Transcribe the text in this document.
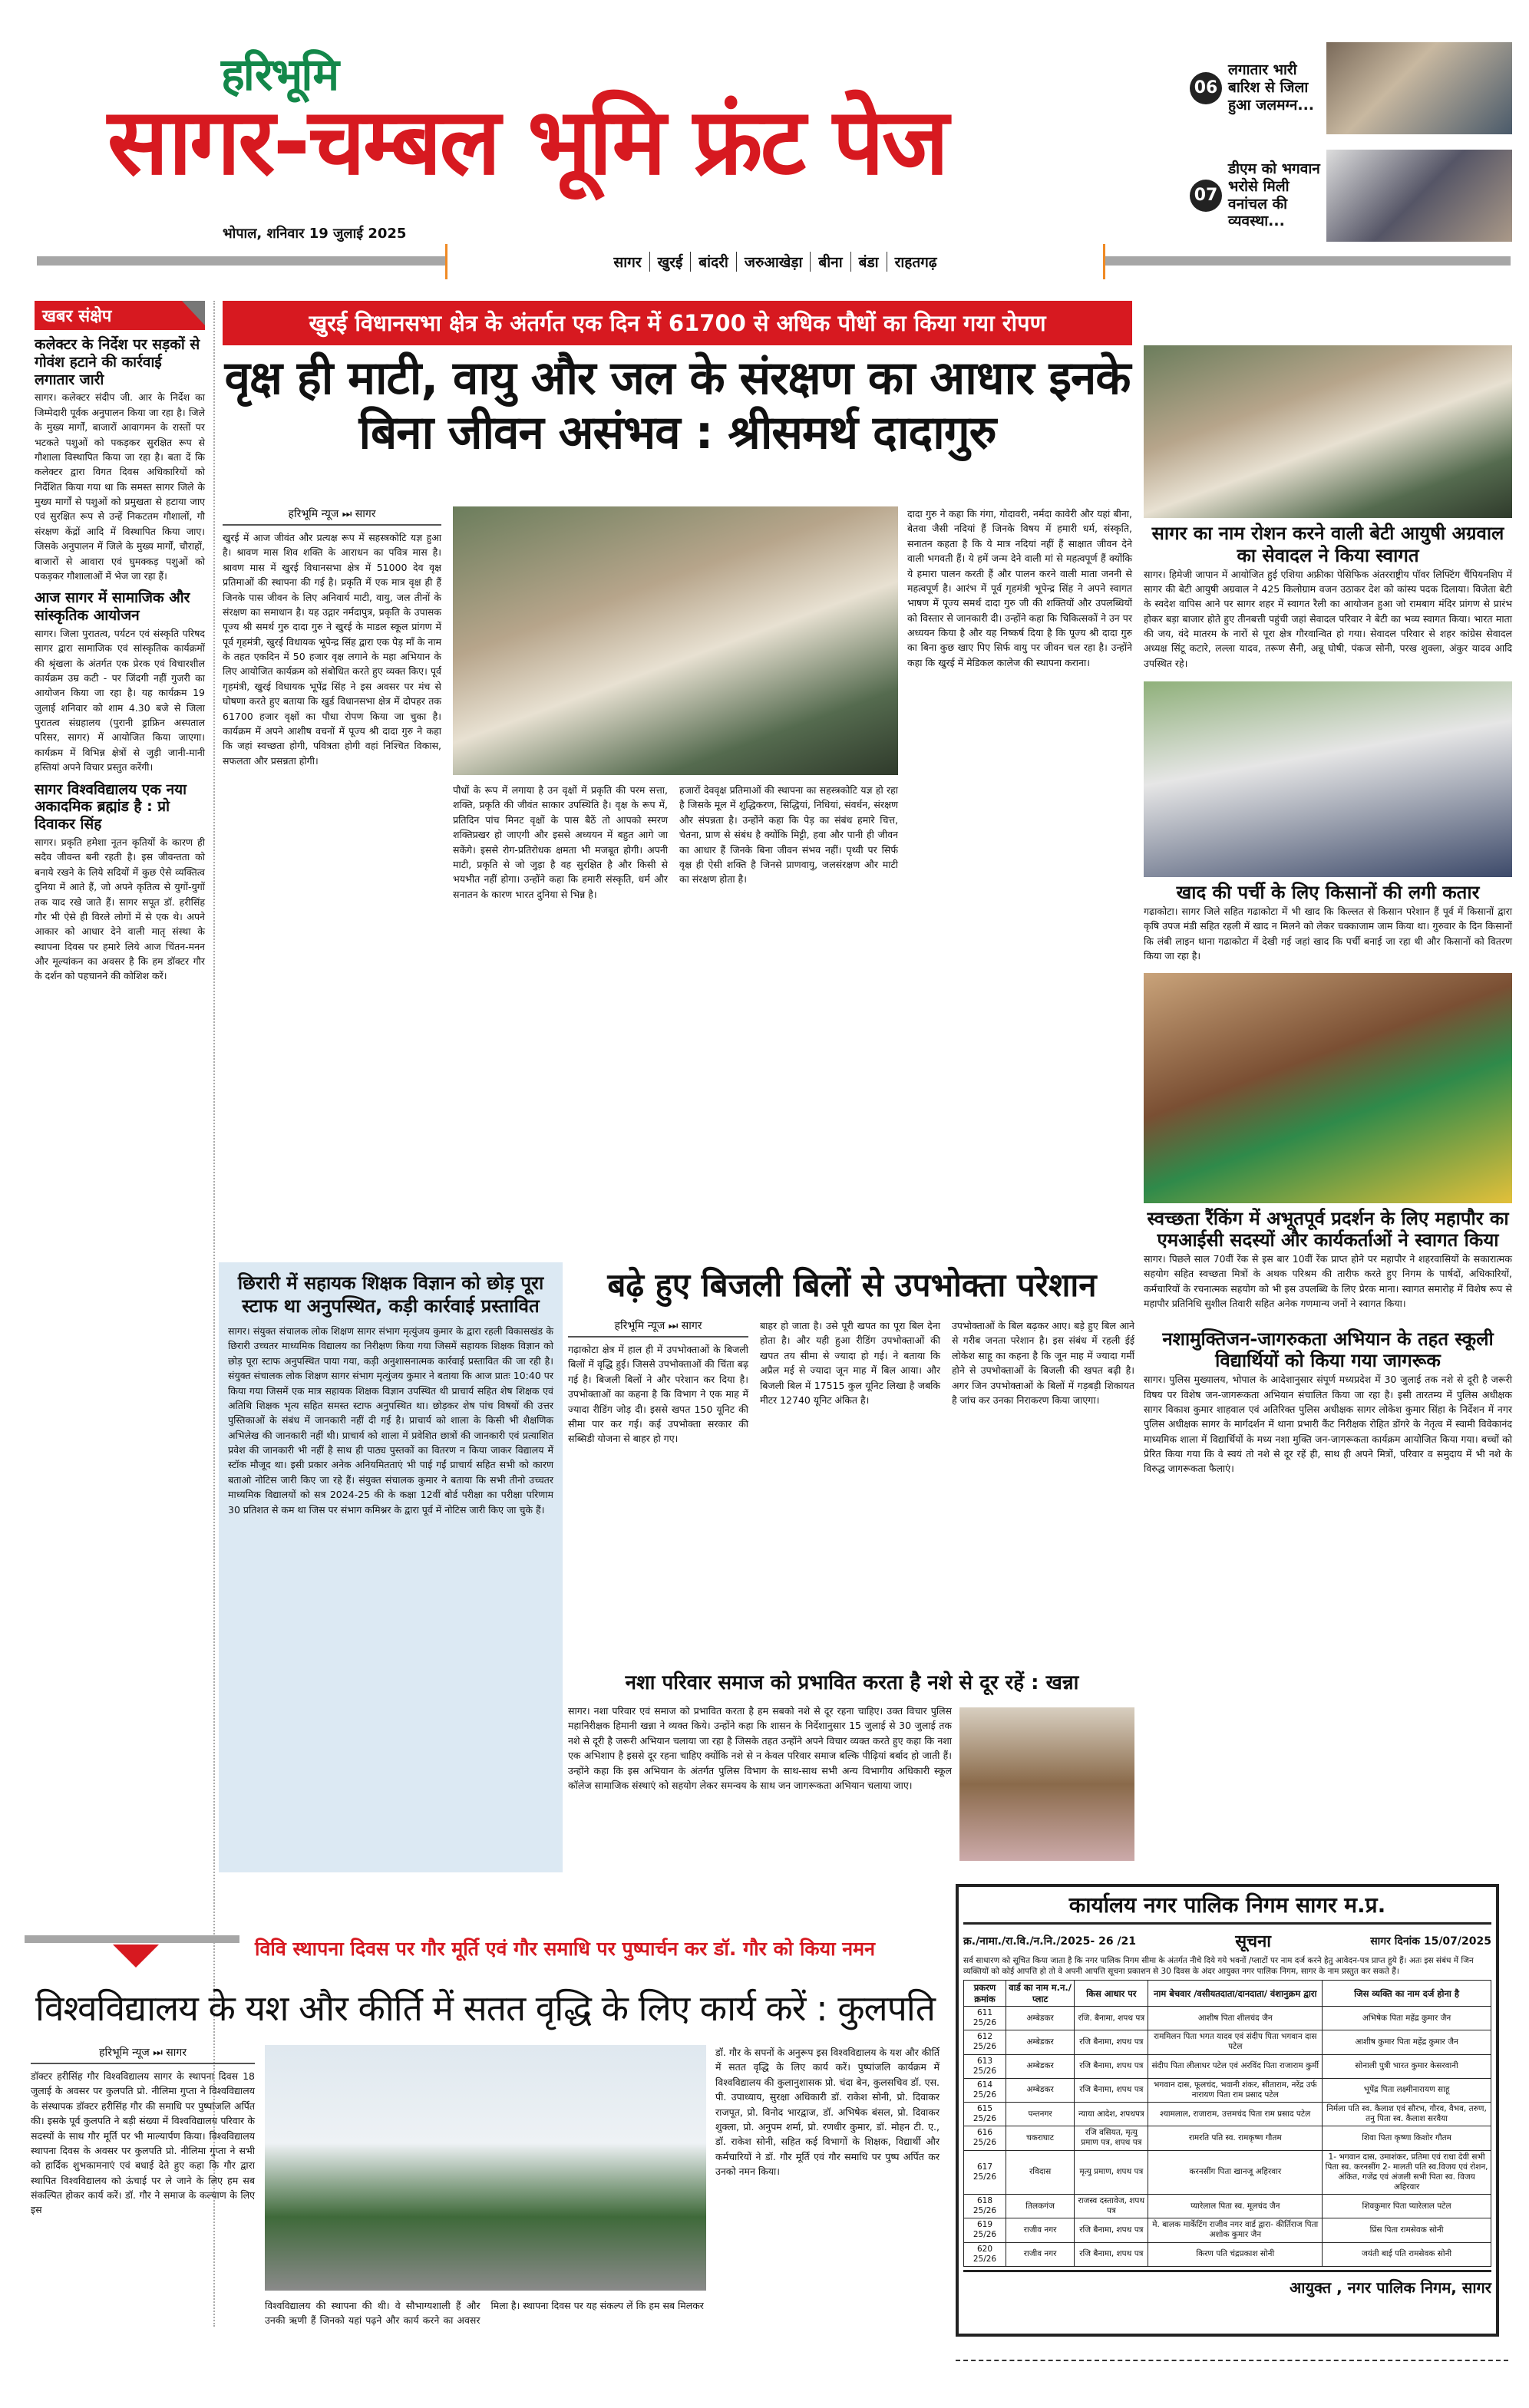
हरिभूमि
सागर-चम्बल भूमि फ्रंट पेज
भोपाल, शनिवार 19 जुलाई 2025
06
लगातार भारी बारिश से जिला हुआ जलमग्न...
07
डीएम को भगवान भरोसे मिली वनांचल की व्यवस्था...
सागर	खुरई	बांदरी	जरुआखेड़ा	बीना	बंडा	राहतगढ़
खबर संक्षेप
कलेक्टर के निर्देश पर सड़कों से गोवंश हटाने की कार्रवाई लगातार जारी
सागर। कलेक्टर संदीप जी. आर के निर्देश का जिम्मेदारी पूर्वक अनुपालन किया जा रहा है। जिले के मुख्य मार्गों, बाजारों आवागमन के रास्तों पर भटकते पशुओं को पकड़कर सुरक्षित रूप से गौशाला विस्थापित किया जा रहा है। बता दें कि कलेक्टर द्वारा विगत दिवस अधिकारियों को निर्देशित किया गया था कि समस्त सागर जिले के मुख्य मार्गों से पशुओं को प्रमुखता से हटाया जाए एवं सुरक्षित रूप से उन्हें निकटतम गौशालों, गौ संरक्षण केंद्रों आदि में विस्थापित किया जाए। जिसके अनुपालन में जिले के मुख्य मार्गों, चौराहों, बाजारों से आवारा एवं घुमक्कड़ पशुओं को पकड़कर गौशालाओं में भेज जा रहा हैं।
आज सागर में सामाजिक और सांस्कृतिक आयोजन
सागर। जिला पुरातत्व, पर्यटन एवं संस्कृति परिषद सागर द्वारा सामाजिक एवं सांस्कृतिक कार्यक्रमों की श्रृंखला के अंतर्गत एक प्रेरक एवं विचारशील कार्यक्रम उम्र कटी - पर जिंदगी नहीं गुजरी का आयोजन किया जा रहा है। यह कार्यक्रम 19 जुलाई शनिवार को शाम 4.30 बजे से जिला पुरातत्व संग्रहालय (पुरानी ड्राफ्रिन अस्पताल परिसर, सागर) में आयोजित किया जाएगा। कार्यक्रम में विभिन्न क्षेत्रों से जुड़ी जानी-मानी हस्तियां अपने विचार प्रस्तुत करेंगी।
सागर विश्वविद्यालय एक नया अकादमिक ब्रह्मांड है : प्रो दिवाकर सिंह
सागर। प्रकृति हमेशा नूतन कृतियों के कारण ही सदैव जीवन्त बनी रहती है। इस जीवन्तता को बनाये रखने के लिये सदियों में कुछ ऐसे व्यक्तित्व दुनिया में आते हैं, जो अपने कृतित्व से युगों-युगों तक याद रखे जाते हैं। सागर सपूत डॉ. हरीसिंह गौर भी ऐसे ही विरले लोगों में से एक थे। अपने आकार को आधार देने वाली मातृ संस्था के स्थापना दिवस पर हमारे लिये आज चिंतन-मनन और मूल्यांकन का अवसर है कि हम डॉक्टर गौर के दर्शन को पहचानने की कोशिश करें।
खुरई विधानसभा क्षेत्र के अंतर्गत एक दिन में 61700 से अधिक पौधों का किया गया रोपण
वृक्ष ही माटी, वायु और जल के संरक्षण का आधार इनके बिना जीवन असंभव : श्रीसमर्थ दादागुरु
हरिभूमि न्यूज ⏭ सागर
खुरई में आज जीवंत और प्रत्यक्ष रूप में सहस्त्रकोटि यज्ञ हुआ है। श्रावण मास शिव शक्ति के आराधन का पवित्र मास है। श्रावण मास में खुरई विधानसभा क्षेत्र में 51000 देव वृक्ष प्रतिमाओं की स्थापना की गई है। प्रकृति में एक मात्र वृक्ष ही हैं जिनके पास जीवन के लिए अनिवार्य माटी, वायु, जल तीनों के संरक्षण का समाधान है। यह उद्गार नर्मदापुत्र, प्रकृति के उपासक पूज्य श्री समर्थ गुरु दादा गुरु ने खुरई के माडल स्कूल प्रांगण में पूर्व गृहमंत्री, खुरई विधायक भूपेन्द्र सिंह द्वारा एक पेड़ माँ के नाम के तहत एकदिन में 50 हजार वृक्ष लगाने के महा अभियान के लिए आयोजित कार्यक्रम को संबोधित करते हुए व्यक्त किए। पूर्व गृहमंत्री, खुरई विधायक भूपेंद्र सिंह ने इस अवसर पर मंच से घोषणा करते हुए बताया कि खुर्ड विधानसभा क्षेत्र में दोपहर तक 61700 हजार वृक्षों का पौधा रोपण किया जा चुका है। कार्यक्रम में अपने आशीष वचनों में पूज्य श्री दादा गुरु ने कहा कि जहां स्वच्छता होगी, पवित्रता होगी वहां निश्चित विकास, सफलता और प्रसन्नता होगी।
पौधों के रूप में लगाया है उन वृक्षों में प्रकृति की परम सत्ता, शक्ति, प्रकृति की जीवंत साकार उपस्थिति है। वृक्ष के रूप में, प्रतिदिन पांच मिनट वृक्षों के पास बैठें तो आपको स्मरण शक्तिप्रखर हो जाएगी और इससे अध्ययन में बहुत आगे जा सकेंगे। इससे रोग-प्रतिरोधक क्षमता भी मजबूत होगी। अपनी माटी, प्रकृति से जो जुड़ा है वह सुरक्षित है और किसी से भयभीत नहीं होगा। उन्होंने कहा कि हमारी संस्कृति, धर्म और सनातन के कारण भारत दुनिया से भिन्न है।
हजारों देववृक्ष प्रतिमाओं की स्थापना का सहस्त्रकोटि यज्ञ हो रहा है जिसके मूल में शुद्धिकरण, सिद्धियां, निधियां, संवर्धन, संरक्षण और संपन्नता है। उन्होंने कहा कि पेड़ का संबंध हमारे चित्त, चेतना, प्राण से संबंध है क्योंकि मिट्टी, हवा और पानी ही जीवन का आधार हैं जिनके बिना जीवन संभव नहीं। पृथ्वी पर सिर्फ वृक्ष ही ऐसी शक्ति है जिनसे प्राणवायु, जलसंरक्षण और माटी का संरक्षण होता है।
दादा गुरु ने कहा कि गंगा, गोदावरी, नर्मदा कावेरी और यहां बीना, बेतवा जैसी नदियां हैं जिनके विषय में हमारी धर्म, संस्कृति, सनातन कहता है कि ये मात्र नदियां नहीं हैं साक्षात जीवन देने वाली भगवती हैं। ये हमें जन्म देने वाली मां से महत्वपूर्ण हैं क्योंकि ये हमारा पालन करती हैं और पालन करने वाली माता जननी से महत्वपूर्ण है। आरंभ में पूर्व गृहमंत्री भूपेन्द्र सिंह ने अपने स्वागत भाषण में पूज्य समर्थ दादा गुरु जी की शक्तियों और उपलब्धियों को विस्तार से जानकारी दी। उन्होंने कहा कि चिकित्सकों ने उन पर अध्ययन किया है और यह निष्कर्ष दिया है कि पूज्य श्री दादा गुरु का बिना कुछ खाए पिए सिर्फ वायु पर जीवन चल रहा है। उन्होंने कहा कि खुरई में मेडिकल कालेज की स्थापना कराना।
सागर का नाम रोशन करने वाली बेटी आयुषी अग्रवाल का सेवादल ने किया स्वागत
सागर। हिमेजी जापान में आयोजित हुई एशिया अफ्रीका पेसिफिक अंतरराष्ट्रीय पॉवर लिफ्टिंग चैंपियनशिप में सागर की बेटी आयुषी अग्रवाल ने 425 किलोग्राम वजन उठाकर देश को कांस्य पदक दिलाया। विजेता बेटी के स्वदेश वापिस आने पर सागर शहर में स्वागत रैली का आयोजन हुआ जो रामबाग मंदिर प्रांगण से प्रारंभ होकर बड़ा बाजार होते हुए तीनबत्ती पहुंची जहां सेवादल परिवार ने बेटी का भव्य स्वागत किया। भारत माता की जय, वंदे मातरम के नारों से पूरा क्षेत्र गौरवान्वित हो गया। सेवादल परिवार से शहर कांग्रेस सेवादल अध्यक्ष सिंटू कटारे, लल्ला यादव, तरूण सैनी, अन्नू घोषी, पंकज सोनी, परख शुक्ला, अंकुर यादव आदि उपस्थित रहे।
खाद की पर्ची के लिए किसानों की लगी कतार
गढाकोटा। सागर जिले सहित गढाकोटा में भी खाद कि किल्लत से किसान परेशान हैं पूर्व में किसानों द्वारा कृषि उपज मंडी सहित रहली में खाद न मिलने को लेकर चक्काजाम जाम किया था। गुरुवार के दिन किसानों कि लंबी लाइन थाना गढाकोटा में देखी गई जहां खाद कि पर्ची बनाई जा रहा थी और किसानों को वितरण किया जा रहा है।
स्वच्छता रैंकिंग में अभूतपूर्व प्रदर्शन के लिए महापौर का एमआईसी सदस्यों और कार्यकर्ताओं ने स्वागत किया
सागर। पिछले साल 70वीं रेंक से इस बार 10वीं रेंक प्राप्त होने पर महापौर ने शहरवासियों के सकारात्मक सहयोग सहित स्वच्छता मित्रों के अथक परिश्रम की तारीफ करते हुए निगम के पार्षदों, अधिकारियों, कर्मचारियों के रचनात्मक सहयोग को भी इस उपलब्धि के लिए प्रेरक माना। स्वागत समारोह में विशेष रूप से महापौर प्रतिनिधि सुशील तिवारी सहित अनेक गणमान्य जनों ने स्वागत किया।
नशामुक्तिजन-जागरुकता अभियान के तहत स्कूली विद्यार्थियों को किया गया जागरूक
सागर। पुलिस मुख्यालय, भोपाल के आदेशानुसार संपूर्ण मध्यप्रदेश में 30 जुलाई तक नशे से दूरी है जरूरी विषय पर विशेष जन-जागरूकता अभियान संचालित किया जा रहा है। इसी तारतम्य में पुलिस अधीक्षक सागर विकाश कुमार शाहवाल एवं अतिरिक्त पुलिस अधीक्षक सागर लोकेश कुमार सिंहा के निर्देशन में नगर पुलिस अधीक्षक सागर के मार्गदर्शन में थाना प्रभारी कैंट निरीक्षक रोहित डोंगरे के नेतृत्व में स्वामी विवेकानंद माध्यमिक शाला में विद्यार्थियों के मध्य नशा मुक्ति जन-जागरूकता कार्यक्रम आयोजित किया गया। बच्चों को प्रेरित किया गया कि वे स्वयं तो नशे से दूर रहें ही, साथ ही अपने मित्रों, परिवार व समुदाय में भी नशे के विरुद्ध जागरूकता फैलाएं।
छिरारी में सहायक शिक्षक विज्ञान को छोड़ पूरा स्टाफ था अनुपस्थित, कड़ी कार्रवाई प्रस्तावित
सागर। संयुक्त संचालक लोक शिक्षण सागर संभाग मृत्युंजय कुमार के द्वारा रहली विकासखंड के छिरारी उच्चतर माध्यमिक विद्यालय का निरीक्षण किया गया जिसमें सहायक शिक्षक विज्ञान को छोड़ पूरा स्टाफ अनुपस्थित पाया गया, कड़ी अनुशासनात्मक कार्रवाई प्रस्तावित की जा रही है। संयुक्त संचालक लोक शिक्षण सागर संभाग मृत्युंजय कुमार ने बताया कि आज प्रातः 10:40 पर किया गया जिसमें एक मात्र सहायक शिक्षक विज्ञान उपस्थित थी प्राचार्य सहित शेष शिक्षक एवं अतिथि शिक्षक भृत्य सहित समस्त स्टाफ अनुपस्थित था। छोड़कर शेष पांच विषयों की उत्तर पुस्तिकाओं के संबंध में जानकारी नहीं दी गई है। प्राचार्य को शाला के किसी भी शैक्षणिक अभिलेख की जानकारी नहीं थी। प्राचार्य को शाला में प्रवेशित छात्रों की जानकारी एवं प्रत्याशित प्रवेश की जानकारी भी नहीं है साथ ही पाठ्य पुस्तकों का वितरण न किया जाकर विद्यालय में स्टॉक मौजूद था। इसी प्रकार अनेक अनियमितताएं भी पाई गईं प्राचार्य सहित सभी को कारण बताओ नोटिस जारी किए जा रहे हैं। संयुक्त संचालक कुमार ने बताया कि सभी तीनो उच्चतर माध्यमिक विद्यालयों को सत्र 2024-25 की के कक्षा 12वीं बोर्ड परीक्षा का परीक्षा परिणाम 30 प्रतिशत से कम था जिस पर संभाग कमिश्नर के द्वारा पूर्व में नोटिस जारी किए जा चुके हैं।
बढ़े हुए बिजली बिलों से उपभोक्ता परेशान
हरिभूमि न्यूज ⏭ सागर
गढ़ाकोटा क्षेत्र में हाल ही में उपभोक्ताओं के बिजली बिलों में वृद्धि हुई। जिससे उपभोक्ताओं की चिंता बढ़ गई है। बिजली बिलों ने और परेशान कर दिया है। उपभोक्ताओं का कहना है कि विभाग ने एक माह में ज्यादा रीडिंग जोड़ दी। इससे खपत 150 यूनिट की सीमा पार कर गई। कई उपभोक्ता सरकार की सब्सिडी योजना से बाहर हो गए।
बाहर हो जाता है। उसे पूरी खपत का पूरा बिल देना होता है। और यही हुआ रीडिंग उपभोक्ताओं की खपत तय सीमा से ज्यादा हो गई। ने बताया कि अप्रैल मई से ज्यादा जून माह में बिल आया। और बिजली बिल में 17515 कुल यूनिट लिखा है जबकि मीटर 12740 यूनिट अंकित है।
उपभोक्ताओं के बिल बढ़कर आए। बड़े हुए बिल आने से गरीब जनता परेशान है। इस संबंध में रहली ईई लोकेश साहू का कहना है कि जून माह में ज्यादा गर्मी होने से उपभोक्ताओं के बिजली की खपत बढ़ी है। अगर जिन उपभोक्ताओं के बिलों में गड़बड़ी शिकायत है जांच कर उनका निराकरण किया जाएगा।
नशा परिवार समाज को प्रभावित करता है नशे से दूर रहें : खन्ना
सागर। नशा परिवार एवं समाज को प्रभावित करता है हम सबको नशे से दूर रहना चाहिए। उक्त विचार पुलिस महानिरीक्षक हिमानी खन्ना ने व्यक्त किये। उन्होंने कहा कि शासन के निर्देशानुसार 15 जुलाई से 30 जुलाई तक नशे से दूरी है जरूरी अभियान चलाया जा रहा है जिसके तहत उन्होंने अपने विचार व्यक्त करते हुए कहा कि नशा एक अभिशाप है इससे दूर रहना चाहिए क्योंकि नशे से न केवल परिवार समाज बल्कि पीढ़ियां बर्बाद हो जाती हैं। उन्होंने कहा कि इस अभियान के अंतर्गत पुलिस विभाग के साथ-साथ सभी अन्य विभागीय अधिकारी स्कूल कॉलेज सामाजिक संस्थाएं को सहयोग लेकर समन्वय के साथ जन जागरूकता अभियान चलाया जाए।
विवि स्थापना दिवस पर गौर मूर्ति एवं गौर समाधि पर पुष्पार्चन कर डॉ. गौर को किया नमन
विश्वविद्यालय के यश और कीर्ति में सतत वृद्धि के लिए कार्य करें : कुलपति
हरिभूमि न्यूज ⏭ सागर
डॉक्टर हरीसिंह गौर विश्वविद्यालय सागर के स्थापना दिवस 18 जुलाई के अवसर पर कुलपति प्रो. नीलिमा गुप्ता ने विश्वविद्यालय के संस्थापक डॉक्टर हरीसिंह गौर की समाधि पर पुष्पांजलि अर्पित की। इसके पूर्व कुलपति ने बड़ी संख्या में विश्वविद्यालय परिवार के सदस्यों के साथ गौर मूर्ति पर भी माल्यार्पण किया। विश्वविद्यालय स्थापना दिवस के अवसर पर कुलपति प्रो. नीलिमा गुप्ता ने सभी को हार्दिक शुभकामनाएं एवं बधाई देते हुए कहा कि गौर द्वारा स्थापित विश्वविद्यालय को ऊंचाई पर ले जाने के लिए हम सब संकल्पित होकर कार्य करें। डॉ. गौर ने समाज के कल्याण के लिए इस
विश्वविद्यालय की स्थापना की थी। वे सौभाग्यशाली हैं और उनकी ऋणी हैं जिनको यहां पढ़ने और कार्य करने का अवसर मिला है। स्थापना दिवस पर यह संकल्प लें कि हम सब मिलकर
डॉ. गौर के सपनों के अनुरूप इस विश्वविद्यालय के यश और कीर्ति में सतत वृद्धि के लिए कार्य करें। पुष्पांजलि कार्यक्रम में विश्वविद्यालय की कुलानुशासक प्रो. चंदा बेन, कुलसचिव डॉ. एस. पी. उपाध्याय, सुरक्षा अधिकारी डॉ. राकेश सोनी, प्रो. दिवाकर राजपूत, प्रो. विनोद भारद्वाज, डॉ. अभिषेक बंसल, प्रो. दिवाकर शुक्ला, प्रो. अनुपम शर्मा, प्रो. रणधीर कुमार, डॉ. मोहन टी. ए., डॉ. राकेश सोनी, सहित कई विभागों के शिक्षक, विद्यार्थी और कर्मचारियों ने डॉ. गौर मूर्ति एवं गौर समाधि पर पुष्प अर्पित कर उनको नमन किया।
कार्यालय नगर पालिक निगम सागर म.प्र.
क्र./नामा./रा.वि./न.नि./2025- 26 /21	सूचना	सागर दिनांक 15/07/2025

सर्व साधारण को सूचित किया जाता है कि नगर पालिक निगम सीमा के अंतर्गत नीचे दिये गये भवनों /प्लाटों पर नाम दर्ज करने हेतु आवेदन-पत्र प्राप्त हुये हैं। अतः इस संबंध में जिन व्यक्तियों को कोई आपत्ति हो तो वे अपनी आपत्ति सूचना प्रकाशन से 30 दिवस के अंदर आयुक्त नगर पालिक निगम, सागर के नाम प्रस्तुत कर सकते हैं।

प्रकरण क्रमांक	वार्ड का नाम म.न./प्लाट	किस आधार पर	नाम बेचवार /वसीयतदाता/दानदाता/ वंशानुक्रम द्वारा	जिस व्यक्ति का नाम दर्ज होना है
611 25/26	अम्बेडकर	रजि. बैनामा, शपथ पत्र	आशीष पिता शीलचंद जैन	अभिषेक पिता महेंद्र कुमार जैन
612 25/26	अम्बेडकर	रजि बैनामा, शपथ पत्र	राममिलन पिता भगत यादव एवं संदीप पिता भगवान दास पटेल	आशीष कुमार पिता महेंद्र कुमार जैन
613 25/26	अम्बेडकर	रजि बैनामा, शपथ पत्र	संदीप पिता लीलाधर पटेल एवं अरविंद पिता राजाराम कुर्मी	सोनाली पुत्री भारत कुमार केसरवानी
614 25/26	अम्बेडकर	रजि बैनामा, शपथ पत्र	भगवान दास, फूलचंद, भवानी शंकर, सीताराम, नरेंद्र उर्फ नारायण पिता राम प्रसाद पटेल	भूपेंद्र पिता लक्ष्मीनारायण साहू
615 25/26	पन्तनगर	न्याया आदेश, शपथपत्र	श्यामलाल, राजाराम, उत्तमचंद पिता राम प्रसाद पटेल	निर्मला पति स्व. कैलाश एवं सौरभ, गौरव, वैभव, तरुण, तनु पिता स्व. कैलाश सरवैया
616 25/26	चकराघाट	रजि वसियत, मृत्यु प्रमाण पत्र, शपथ पत्र	रामरति पति स्व. रामकृष्ण गौतम	शिवा पिता कृष्णा किशोर गौतम
617 25/26	रविदास	मृत्यु प्रमाण, शपथ पत्र	करनसींग पिता खानजू अहिरवार	1- भगवान दास, उमाशंकर, प्रतिमा एवं राधा देवी सभी पिता स्व. करनसींग 2- मालती पति स्व.विजय एवं रोशन, अंकित, गजेंद्र एवं अंजली सभी पिता स्व. विजय अहिरवार
618 25/26	तिलकगंज	राजस्व दस्तावेज, शपथ पत्र	प्यारेलाल पिता स्व. मूलचंद जैन	शिवकुमार पिता प्यारेलाल पटेल
619 25/26	राजीव नगर	रजि बैनामा, शपथ पत्र	मे. बालक मार्केटिंग राजीव नगर वार्ड द्वारा- कीर्तिराज पिता अशोक कुमार जैन	प्रिंस पिता रामसेवक सोनी
620 25/26	राजीव नगर	रजि बैनामा, शपथ पत्र	किरण पति चंद्रप्रकाश सोनी	जयंती बाई पति रामसेवक सोनी
आयुक्त , नगर पालिक निगम, सागर
